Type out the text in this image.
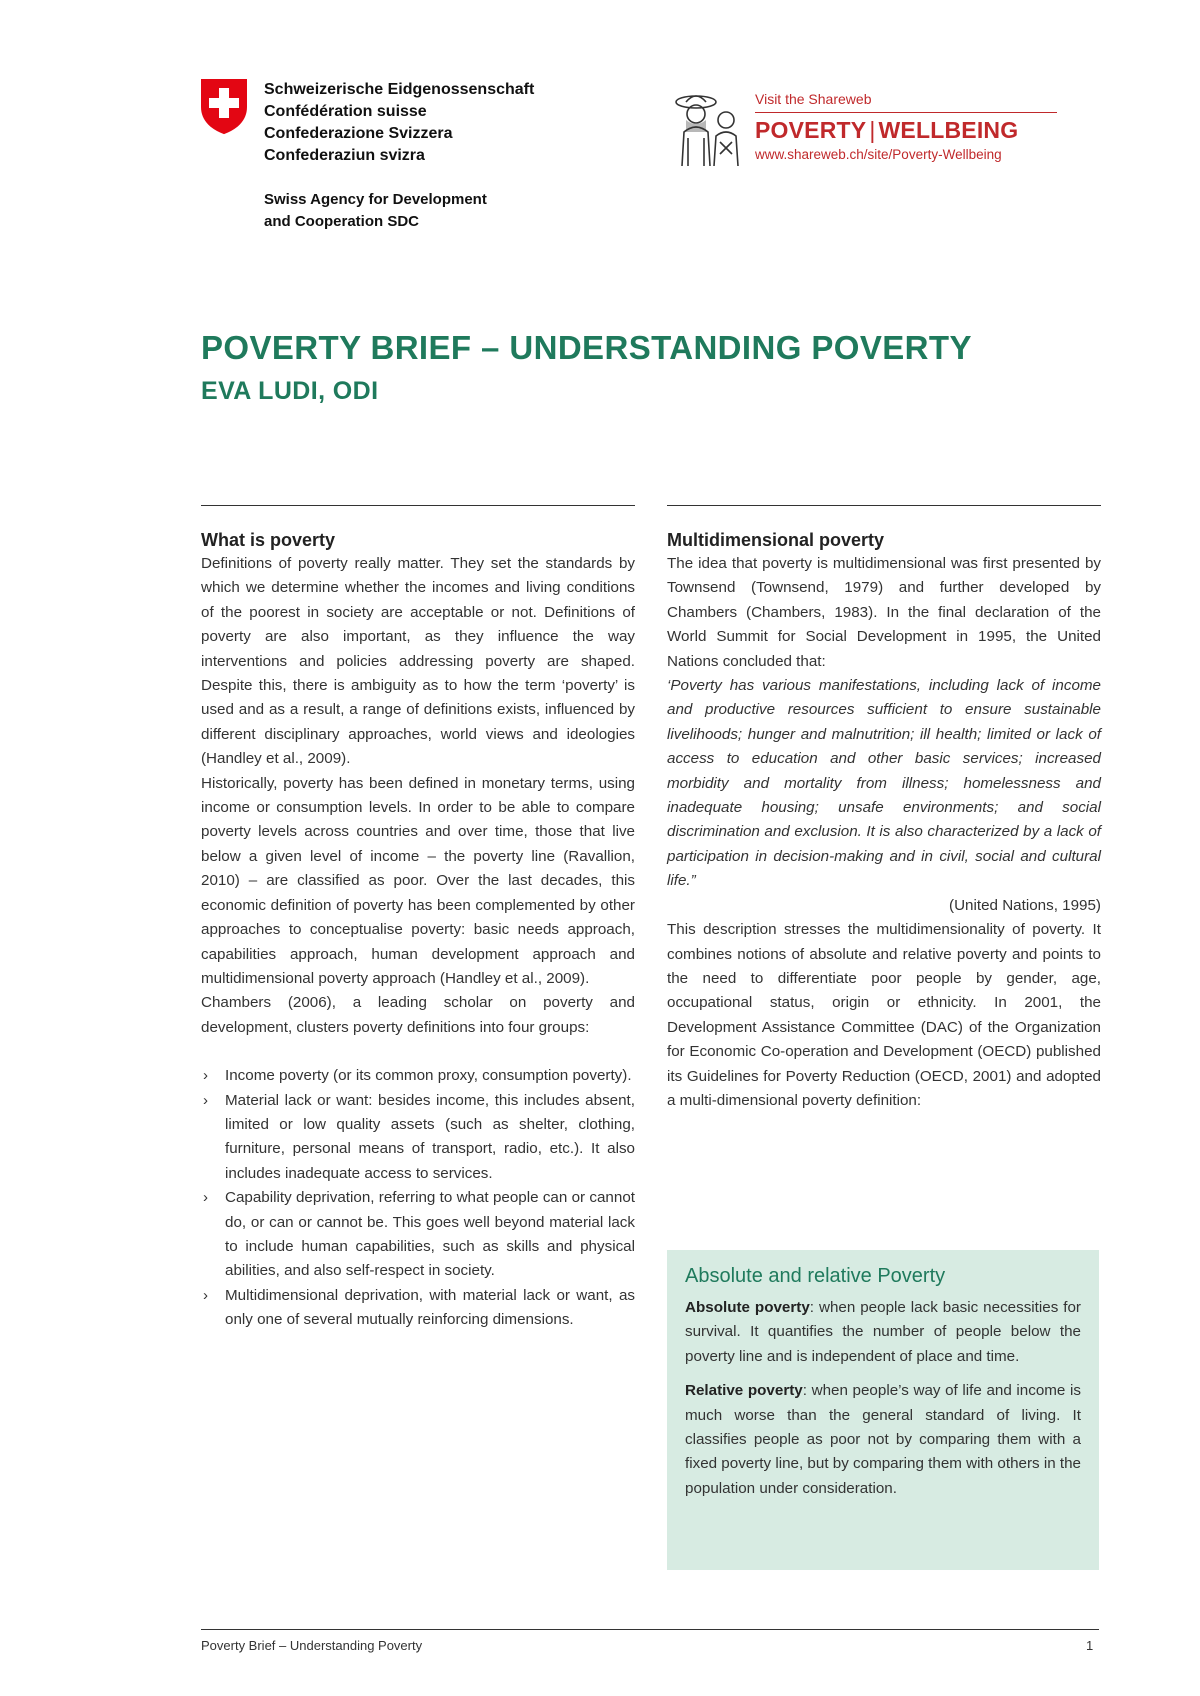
Schweizerische Eidgenossenschaft
Confédération suisse
Confederazione Svizzera
Confederaziun svizra
Swiss Agency for Development
and Cooperation SDC
Visit the Shareweb
POVERTY | WELLBEING
www.shareweb.ch/site/Poverty-Wellbeing
POVERTY BRIEF – UNDERSTANDING POVERTY
EVA LUDI, ODI
What is poverty

Definitions of poverty really matter. They set the standards by which we determine whether the incomes and living conditions of the poorest in society are acceptable or not. Definitions of poverty are also important, as they influence the way interventions and policies addressing poverty are shaped. Despite this, there is ambiguity as to how the term ‘poverty’ is used and as a result, a range of definitions exists, influenced by different disciplinary approaches, world views and ideologies (Handley et al., 2009).

Historically, poverty has been defined in monetary terms, using income or consumption levels. In order to be able to compare poverty levels across countries and over time, those that live below a given level of income – the poverty line (Ravallion, 2010) – are classified as poor. Over the last decades, this economic definition of poverty has been complemented by other approaches to conceptualise poverty: basic needs approach, capabilities approach, human development approach and multidimensional poverty approach (Handley et al., 2009).

Chambers (2006), a leading scholar on poverty and development, clusters poverty definitions into four groups:

› Income poverty (or its common proxy, consumption poverty).
› Material lack or want: besides income, this includes absent, limited or low quality assets (such as shelter, clothing, furniture, personal means of transport, radio, etc.). It also includes inadequate access to services.
› Capability deprivation, referring to what people can or cannot do, or can or cannot be. This goes well beyond material lack to include human capabilities, such as skills and physical abilities, and also self-respect in society.
› Multidimensional deprivation, with material lack or want, as only one of several mutually reinforcing dimensions.
Multidimensional poverty

The idea that poverty is multidimensional was first presented by Townsend (Townsend, 1979) and further developed by Chambers (Chambers, 1983). In the final declaration of the World Summit for Social Development in 1995, the United Nations concluded that:

‘Poverty has various manifestations, including lack of income and productive resources sufficient to ensure sustainable livelihoods; hunger and malnutrition; ill health; limited or lack of access to education and other basic services; increased morbidity and mortality from illness; homelessness and inadequate housing; unsafe environments; and social discrimination and exclusion. It is also characterized by a lack of participation in decision-making and in civil, social and cultural life.”

(United Nations, 1995)

This description stresses the multidimensionality of poverty. It combines notions of absolute and relative poverty and points to the need to differentiate poor people by gender, age, occupational status, origin or ethnicity. In 2001, the Development Assistance Committee (DAC) of the Organization for Economic Co-operation and Development (OECD) published its Guidelines for Poverty Reduction (OECD, 2001) and adopted a multi-dimensional poverty definition:

Absolute and relative Poverty

Absolute poverty: when people lack basic necessities for survival. It quantifies the number of people below the poverty line and is independent of place and time.

Relative poverty: when people’s way of life and income is much worse than the general standard of living. It classifies people as poor not by comparing them with a fixed poverty line, but by comparing them with others in the population under consideration.

Poverty Brief – Understanding Poverty	1
